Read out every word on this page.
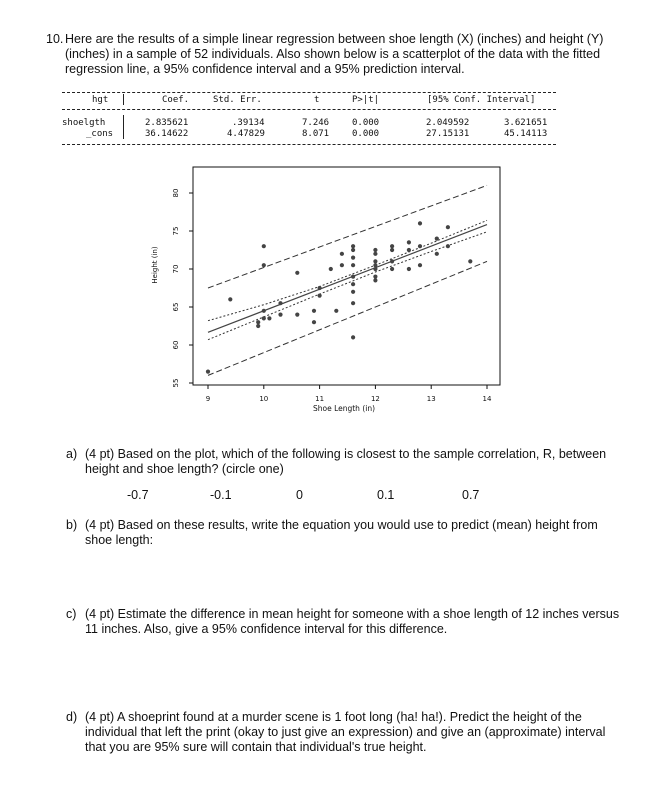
10. Here are the results of a simple linear regression between shoe length (X) (inches) and height (Y) (inches) in a sample of 52 individuals. Also shown below is a scatterplot of the data with the fitted regression line, a 95% confidence interval and a 95% prediction interval.
hgt	Coef.	Std. Err.	t	P>|t|	[95% Conf. Interval]
shoelgth	2.835621	.39134	7.246	0.000	2.049592	3.621651
_cons	36.14622	4.47829	8.071	0.000	27.15131	45.14113
9	10	11	12	13	14
55
60
65
70
75
80
Shoe Length (in)
Height (in)
a) (4 pt) Based on the plot, which of the following is closest to the sample correlation, R, between height and shoe length? (circle one)
-0.7	-0.1	0	0.1	0.7
b) (4 pt) Based on these results, write the equation you would use to predict (mean) height from shoe length:
c) (4 pt) Estimate the difference in mean height for someone with a shoe length of 12 inches versus 11 inches. Also, give a 95% confidence interval for this difference.
d) (4 pt) A shoeprint found at a murder scene is 1 foot long (ha! ha!). Predict the height of the individual that left the print (okay to just give an expression) and give an (approximate) interval that you are 95% sure will contain that individual's true height.
